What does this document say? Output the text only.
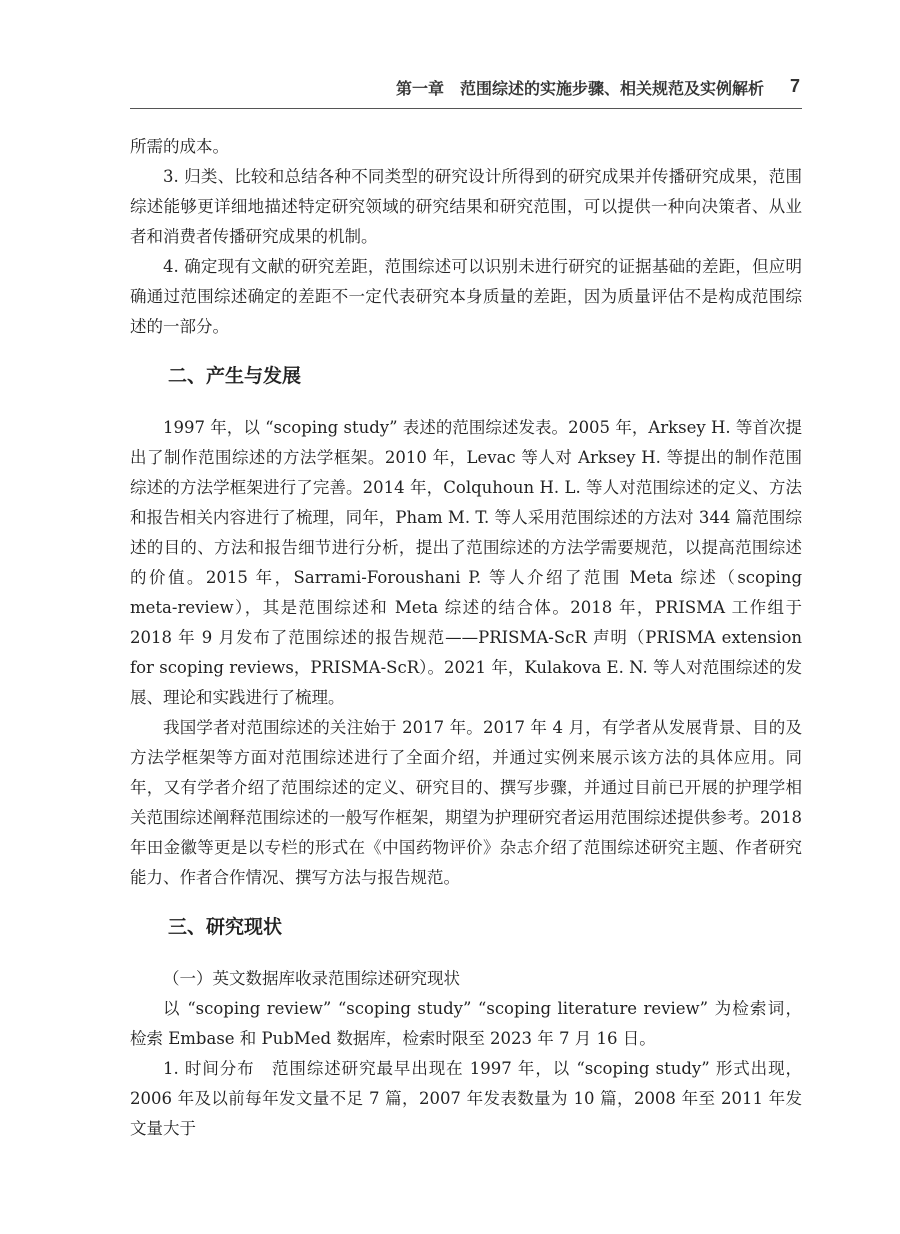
第一章　范围综述的实施步骤、相关规范及实例解析 7

所需的成本。

3. 归类、比较和总结各种不同类型的研究设计所得到的研究成果并传播研究成果，范围综述能够更详细地描述特定研究领域的研究结果和研究范围，可以提供一种向决策者、从业者和消费者传播研究成果的机制。

4. 确定现有文献的研究差距，范围综述可以识别未进行研究的证据基础的差距，但应明确通过范围综述确定的差距不一定代表研究本身质量的差距，因为质量评估不是构成范围综述的一部分。

二、产生与发展

1997 年，以 “scoping study” 表述的范围综述发表。2005 年，Arksey H. 等首次提出了制作范围综述的方法学框架。2010 年，Levac 等人对 Arksey H. 等提出的制作范围综述的方法学框架进行了完善。2014 年，Colquhoun H. L. 等人对范围综述的定义、方法和报告相关内容进行了梳理，同年，Pham M. T. 等人采用范围综述的方法对 344 篇范围综述的目的、方法和报告细节进行分析，提出了范围综述的方法学需要规范，以提高范围综述的价值。2015 年，Sarrami-Foroushani P. 等人介绍了范围 Meta 综述（scoping meta-review），其是范围综述和 Meta 综述的结合体。2018 年，PRISMA 工作组于 2018 年 9 月发布了范围综述的报告规范——PRISMA-ScR 声明（PRISMA extension for scoping reviews，PRISMA-ScR）。2021 年，Kulakova E. N. 等人对范围综述的发展、理论和实践进行了梳理。

我国学者对范围综述的关注始于 2017 年。2017 年 4 月，有学者从发展背景、目的及方法学框架等方面对范围综述进行了全面介绍，并通过实例来展示该方法的具体应用。同年，又有学者介绍了范围综述的定义、研究目的、撰写步骤，并通过目前已开展的护理学相关范围综述阐释范围综述的一般写作框架，期望为护理研究者运用范围综述提供参考。2018 年田金徽等更是以专栏的形式在《中国药物评价》杂志介绍了范围综述研究主题、作者研究能力、作者合作情况、撰写方法与报告规范。

三、研究现状
（一）英文数据库收录范围综述研究现状

以 “scoping review” “scoping study” “scoping literature review” 为检索词，检索 Embase 和 PubMed 数据库，检索时限至 2023 年 7 月 16 日。

1. 时间分布　范围综述研究最早出现在 1997 年，以 “scoping study” 形式出现，2006 年及以前每年发文量不足 7 篇，2007 年发表数量为 10 篇，2008 年至 2011 年发文量大于
